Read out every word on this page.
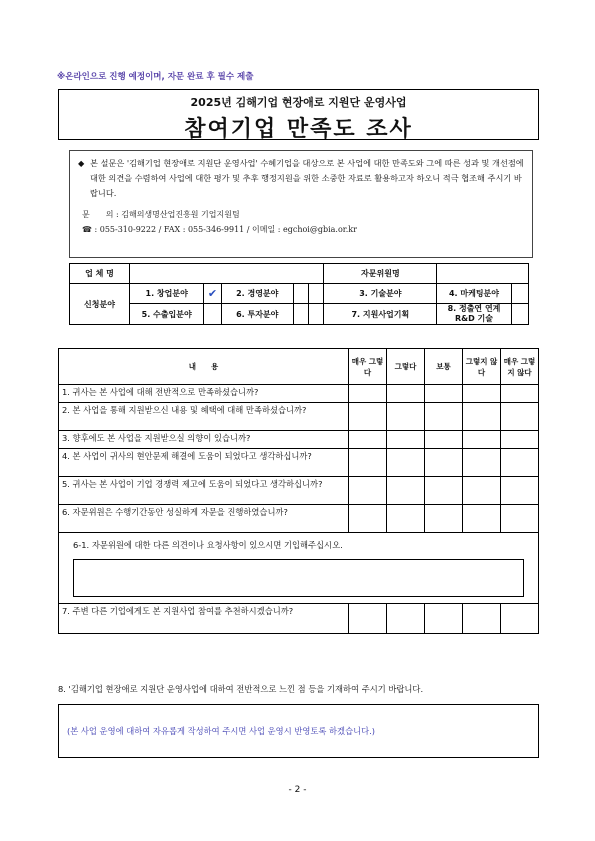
※온라인으로 진행 예정이며, 자문 완료 후 필수 제출
2025년 김해기업 현장애로 지원단 운영사업
참여기업 만족도 조사
◆ 본 설문은 '김해기업 현장애로 지원단 운영사업' 수혜기업을 대상으로 본 사업에 대한 만족도와 그에 따른 성과 및 개선점에 대한 의견을 수렴하여 사업에 대한 평가 및 추후 행정지원을 위한 소중한 자료로 활용하고자 하오니 적극 협조해 주시기 바랍니다.
문　　의 : 김해의생명산업진흥원 기업지원팀
☎ : 055-310-9222 / FAX : 055-346-9911 / 이메일 : egchoi@gbia.or.kr
업 체 명						자문위원명		
신청분야	1. 창업분야	✔	2. 경영분야			3. 기술분야	4. 마케팅분야	
	5. 수출입분야		6. 투자분야			7. 지원사업기획	8. 정출연 연계 R&D 기술	
내　　용	매우 그렇다	그렇다	보통	그렇지 않다	매우 그렇지 않다
1. 귀사는 본 사업에 대해 전반적으로 만족하셨습니까?					
2. 본 사업을 통해 지원받으신 내용 및 혜택에 대해 만족하셨습니까?					
3. 향후에도 본 사업을 지원받으실 의향이 있습니까?					
4. 본 사업이 귀사의 현안문제 해결에 도움이 되었다고 생각하십니까?					
5. 귀사는 본 사업이 기업 경쟁력 제고에 도움이 되었다고 생각하십니까?					
6. 자문위원은 수행기간동안 성실하게 자문을 진행하였습니까?					

6-1. 자문위원에 대한 다른 의견이나 요청사항이 있으시면 기입해주십시오.					

7. 주변 다른 기업에게도 본 지원사업 참여를 추천하시겠습니까?					
8. '김해기업 현장애로 지원단 운영사업에 대하여 전반적으로 느낀 점 등을 기재하여 주시기 바랍니다.
(본 사업 운영에 대하여 자유롭게 작성하여 주시면 사업 운영시 반영토록 하겠습니다.)
- 2 -
